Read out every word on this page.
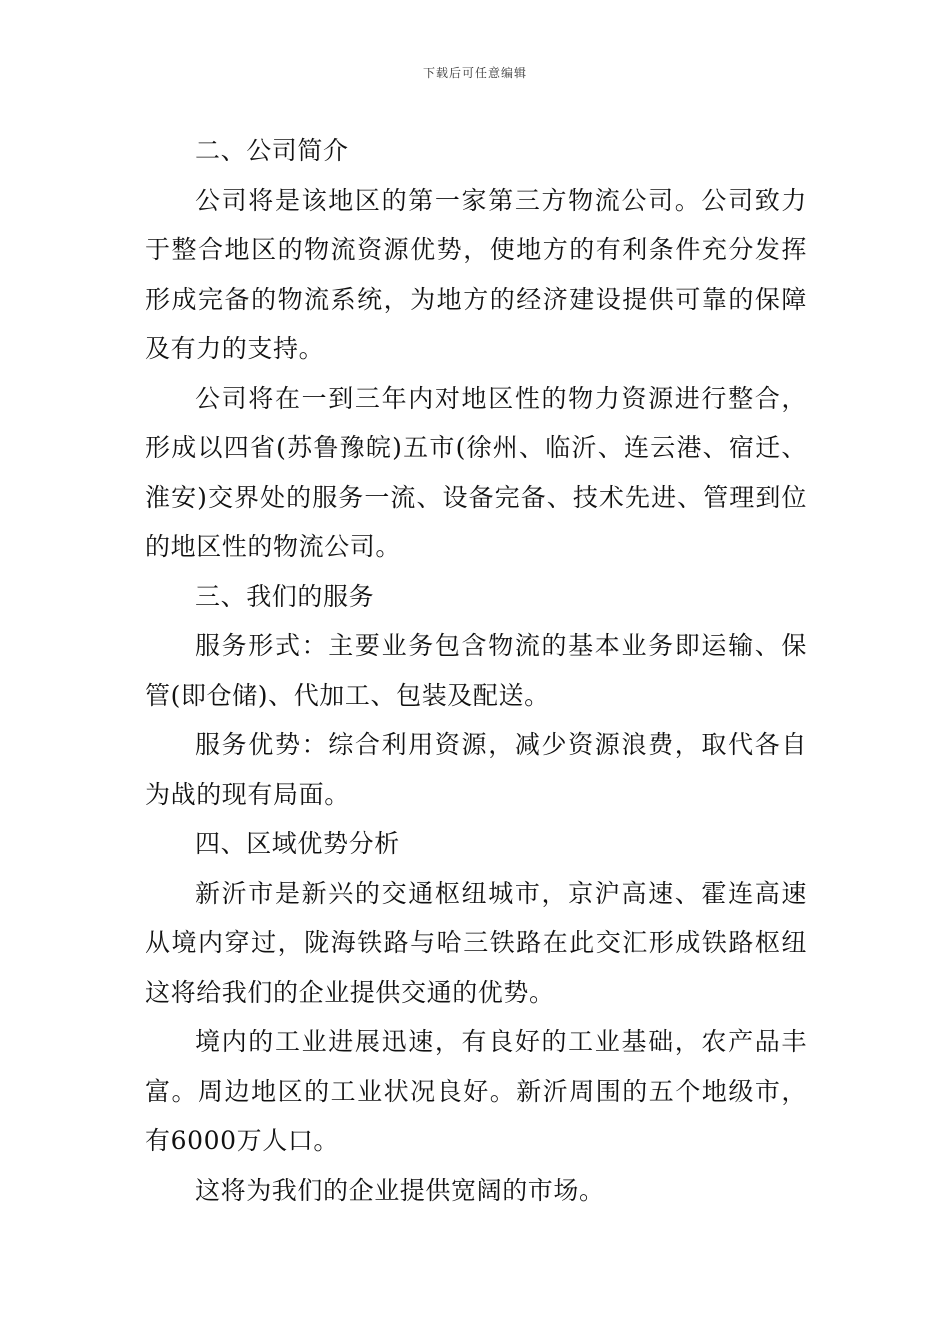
下载后可任意编辑

二、公司简介

公司将是该地区的第一家第三方物流公司。公司致力于整合地区的物流资源优势，使地方的有利条件充分发挥形成完备的物流系统，为地方的经济建设提供可靠的保障及有力的支持。

公司将在一到三年内对地区性的物力资源进行整合，形成以四省(苏鲁豫皖)五市(徐州、临沂、连云港、宿迁、淮安)交界处的服务一流、设备完备、技术先进、管理到位的地区性的物流公司。

三、我们的服务

服务形式：主要业务包含物流的基本业务即运输、保管(即仓储)、代加工、包装及配送。

服务优势：综合利用资源，减少资源浪费，取代各自为战的现有局面。

四、区域优势分析

新沂市是新兴的交通枢纽城市，京沪高速、霍连高速从境内穿过，陇海铁路与哈三铁路在此交汇形成铁路枢纽这将给我们的企业提供交通的优势。

境内的工业进展迅速，有良好的工业基础，农产品丰富。周边地区的工业状况良好。新沂周围的五个地级市，有6000万人口。

这将为我们的企业提供宽阔的市场。
